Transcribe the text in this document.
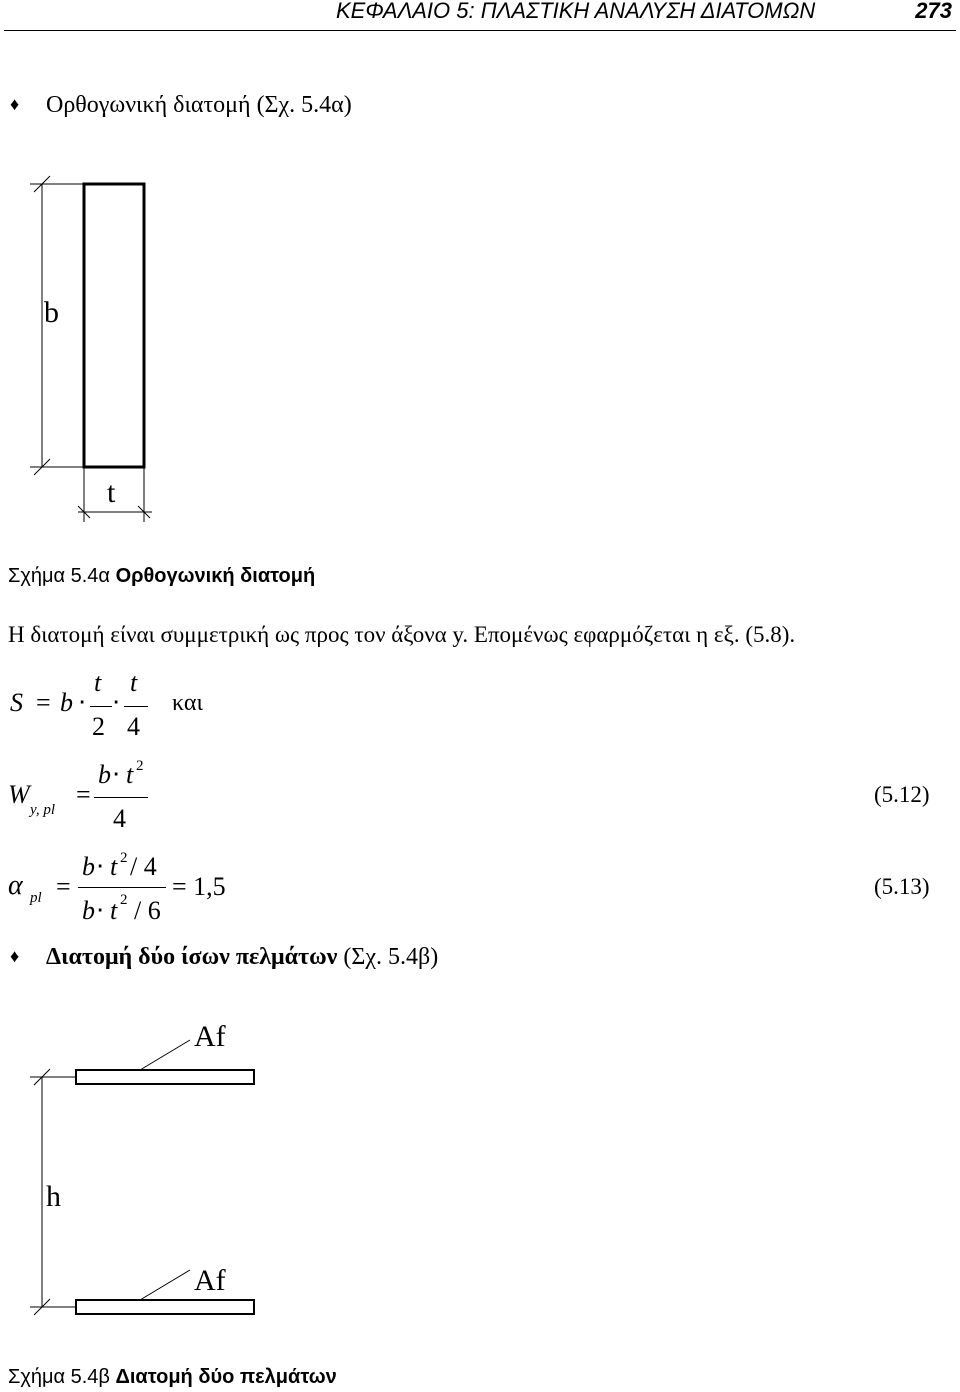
ΚΕΦΑΛΑΙΟ 5: ΠΛΑΣΤΙΚΗ ΑΝΑΛΥΣΗ ΔΙΑΤΟΜΩΝ	273
♦ Ορθογωνική διατομή (Σχ. 5.4α)
b
t
Σχήμα 5.4α Ορθογωνική διατομή
Η διατομή είναι συμμετρική ως προς τον άξονα y. Επομένως εφαρμόζεται η εξ. (5.8).
S = b ⋅
t
2
⋅
t
4
και
W
y, pl
=
b ⋅ t 2
4
(5.12)
α pl =
b ⋅ t 2 / 4
b ⋅ t 2 / 6
= 1,5	(5.13)
♦ Διατομή δύο ίσων πελμάτων (Σχ. 5.4β)
Af
h
Af
Σχήμα 5.4β Διατομή δύο πελμάτων
